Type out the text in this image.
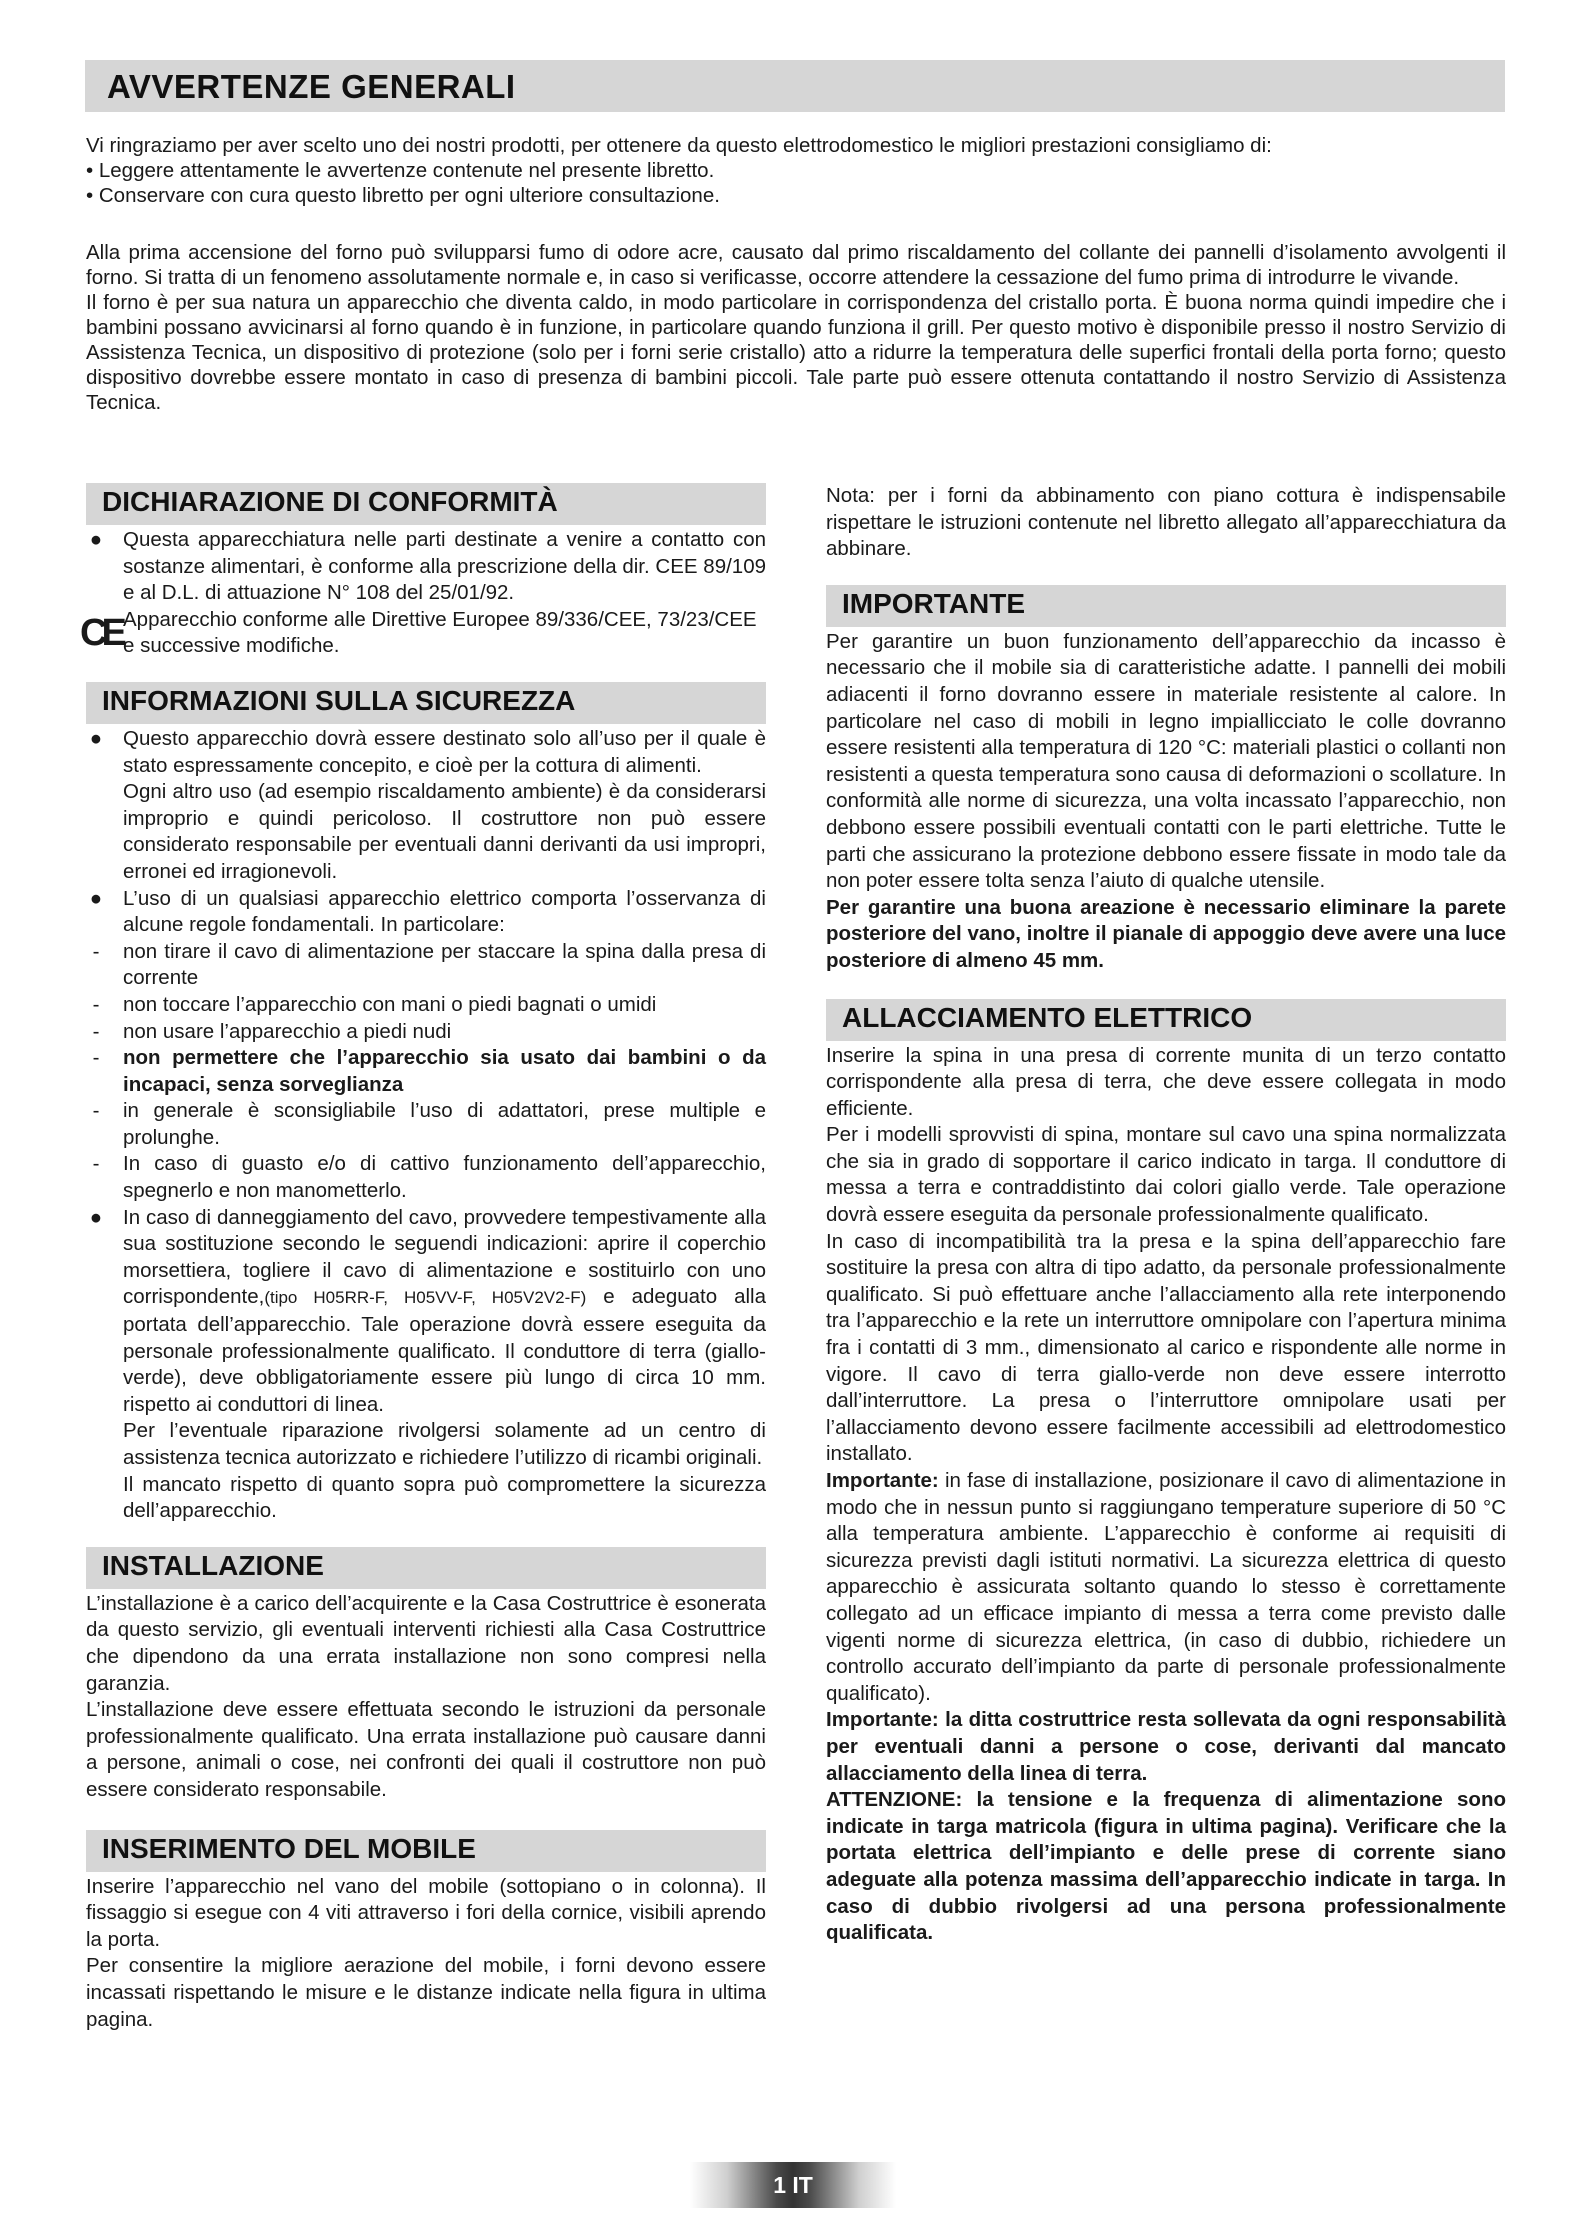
AVVERTENZE GENERALI

Vi ringraziamo per aver scelto uno dei nostri prodotti, per ottenere da questo elettrodomestico le migliori prestazioni consigliamo di:

• Leggere attentamente le avvertenze contenute nel presente libretto.

• Conservare con cura questo libretto per ogni ulteriore consultazione.

Alla prima accensione del forno può svilupparsi fumo di odore acre, causato dal primo riscaldamento del collante dei pannelli d’isolamento avvolgenti il forno. Si tratta di un fenomeno assolutamente normale e, in caso si verificasse, occorre attendere la cessazione del fumo prima di introdurre le vivande.

Il forno è per sua natura un apparecchio che diventa caldo, in modo particolare in corrispondenza del cristallo porta. È buona norma quindi impedire che i bambini possano avvicinarsi al forno quando è in funzione, in particolare quando funziona il grill. Per questo motivo è disponibile presso il nostro Servizio di Assistenza Tecnica, un dispositivo di protezione (solo per i forni serie cristallo) atto a ridurre la temperatura delle superfici frontali della porta forno; questo dispositivo dovrebbe essere montato in caso di presenza di bambini piccoli. Tale parte può essere ottenuta contattando il nostro Servizio di Assistenza Tecnica.

DICHIARAZIONE DI CONFORMITÀ
● Questa apparecchiatura nelle parti destinate a venire a contatto con sostanze alimentari, è conforme alla prescrizione della dir. CEE 89/109 e al D.L. di attuazione N° 108 del 25/01/92.
CE Apparecchio conforme alle Direttive Europee 89/336/CEE, 73/23/CEE e successive modifiche.
INFORMAZIONI SULLA SICUREZZA
● Questo apparecchio dovrà essere destinato solo all’uso per il quale è stato espressamente concepito, e cioè per la cottura di alimenti.
Ogni altro uso (ad esempio riscaldamento ambiente) è da considerarsi improprio e quindi pericoloso. Il costruttore non può essere considerato responsabile per eventuali danni derivanti da usi impropri, erronei ed irragionevoli.
● L’uso di un qualsiasi apparecchio elettrico comporta l’osservanza di alcune regole fondamentali. In particolare:
-	non tirare il cavo di alimentazione per staccare la spina dalla presa di corrente
-	non toccare l’apparecchio con mani o piedi bagnati o umidi
-	non usare l’apparecchio a piedi nudi
-	non permettere che l’apparecchio sia usato dai bambini o da incapaci, senza sorveglianza
-	in generale è sconsigliabile l’uso di adattatori, prese multiple e prolunghe.
-	In caso di guasto e/o di cattivo funzionamento dell’apparecchio, spegnerlo e non manometterlo.
● In caso di danneggiamento del cavo, provvedere tempestivamente alla sua sostituzione secondo le seguendi indicazioni: aprire il coperchio morsettiera, togliere il cavo di alimentazione e sostituirlo con uno corrispondente,(tipo H05RR-F, H05VV-F, H05V2V2-F) e adeguato alla portata dell’apparecchio. Tale operazione dovrà essere eseguita da personale professionalmente qualificato. Il conduttore di terra (giallo-verde), deve obbligatoriamente essere più lungo di circa 10 mm. rispetto ai conduttori di linea.
Per l’eventuale riparazione rivolgersi solamente ad un centro di assistenza tecnica autorizzato e richiedere l’utilizzo di ricambi originali.
Il mancato rispetto di quanto sopra può compromettere la sicurezza dell’apparecchio.
INSTALLAZIONE

L’installazione è a carico dell’acquirente e la Casa Costruttrice è esonerata da questo servizio, gli eventuali interventi richiesti alla Casa Costruttrice che dipendono da una errata installazione non sono compresi nella garanzia.

L’installazione deve essere effettuata secondo le istruzioni da personale professionalmente qualificato. Una errata installazione può causare danni a persone, animali o cose, nei confronti dei quali il costruttore non può essere considerato responsabile.

INSERIMENTO DEL MOBILE

Inserire l’apparecchio nel vano del mobile (sottopiano o in colonna). Il fissaggio si esegue con 4 viti attraverso i fori della cornice, visibili aprendo la porta.

Per consentire la migliore aerazione del mobile, i forni devono essere incassati rispettando le misure e le distanze indicate nella figura in ultima pagina.

Nota: per i forni da abbinamento con piano cottura è indispensabile rispettare le istruzioni contenute nel libretto allegato all’apparecchiatura da abbinare.

IMPORTANTE

Per garantire un buon funzionamento dell’apparecchio da incasso è necessario che il mobile sia di caratteristiche adatte. I pannelli dei mobili adiacenti il forno dovranno essere in materiale resistente al calore. In particolare nel caso di mobili in legno impiallicciato le colle dovranno essere resistenti alla temperatura di 120 °C: materiali plastici o collanti non resistenti a questa temperatura sono causa di deformazioni o scollature. In conformità alle norme di sicurezza, una volta incassato l’apparecchio, non debbono essere possibili eventuali contatti con le parti elettriche. Tutte le parti che assicurano la protezione debbono essere fissate in modo tale da non poter essere tolta senza l’aiuto di qualche utensile.

Per garantire una buona areazione è necessario eliminare la parete posteriore del vano, inoltre il pianale di appoggio deve avere una luce posteriore di almeno 45 mm.

ALLACCIAMENTO ELETTRICO

Inserire la spina in una presa di corrente munita di un terzo contatto corrispondente alla presa di terra, che deve essere collegata in modo efficiente.

Per i modelli sprovvisti di spina, montare sul cavo una spina normalizzata che sia in grado di sopportare il carico indicato in targa. Il conduttore di messa a terra e contraddistinto dai colori giallo verde. Tale operazione dovrà essere eseguita da personale professionalmente qualificato.

In caso di incompatibilità tra la presa e la spina dell’apparecchio fare sostituire la presa con altra di tipo adatto, da personale professionalmente qualificato. Si può effettuare anche l’allacciamento alla rete interponendo tra l’apparecchio e la rete un interruttore omnipolare con l’apertura minima fra i contatti di 3 mm., dimensionato al carico e rispondente alle norme in vigore. Il cavo di terra giallo-verde non deve essere interrotto dall’interruttore. La presa o l’interruttore omnipolare usati per l’allacciamento devono essere facilmente accessibili ad elettrodomestico installato.

Importante: in fase di installazione, posizionare il cavo di alimentazione in modo che in nessun punto si raggiungano temperature superiore di 50 °C alla temperatura ambiente. L’apparecchio è conforme ai requisiti di sicurezza previsti dagli istituti normativi. La sicurezza elettrica di questo apparecchio è assicurata soltanto quando lo stesso è correttamente collegato ad un efficace impianto di messa a terra come previsto dalle vigenti norme di sicurezza elettrica, (in caso di dubbio, richiedere un controllo accurato dell’impianto da parte di personale professionalmente qualificato).

Importante: la ditta costruttrice resta sollevata da ogni responsabilità per eventuali danni a persone o cose, derivanti dal mancato allacciamento della linea di terra.

ATTENZIONE: la tensione e la frequenza di alimentazione sono indicate in targa matricola (figura in ultima pagina). Verificare che la portata elettrica dell’impianto e delle prese di corrente siano adeguate alla potenza massima dell’apparecchio indicate in targa. In caso di dubbio rivolgersi ad una persona professionalmente qualificata.

1 IT
